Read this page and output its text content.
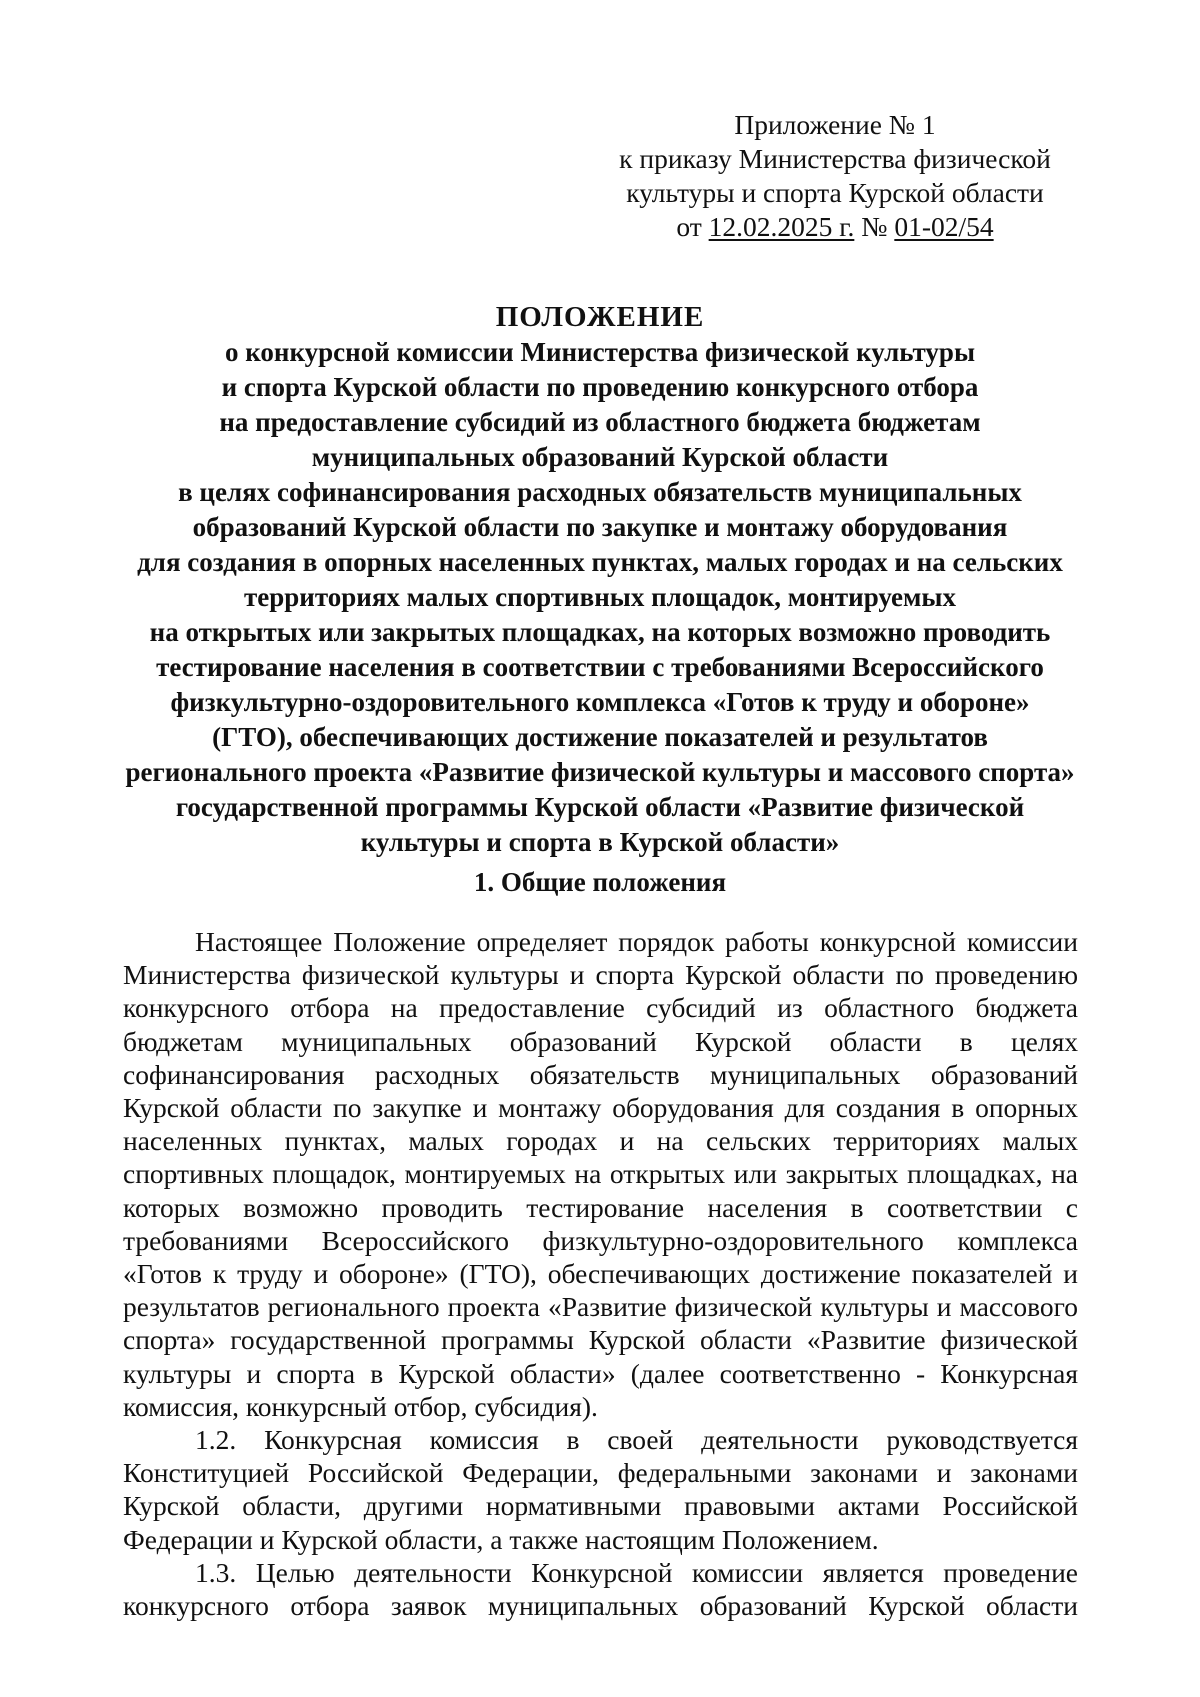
Приложение № 1
к приказу Министерства физической
культуры и спорта Курской области
от 12.02.2025 г. № 01-02/54
ПОЛОЖЕНИЕ
о конкурсной комиссии Министерства физической культуры
и спорта Курской области по проведению конкурсного отбора
на предоставление субсидий из областного бюджета бюджетам
муниципальных образований Курской области
в целях софинансирования расходных обязательств муниципальных
образований Курской области по закупке и монтажу оборудования
для создания в опорных населенных пунктах, малых городах и на сельских
территориях малых спортивных площадок, монтируемых
на открытых или закрытых площадках, на которых возможно проводить
тестирование населения в соответствии с требованиями Всероссийского
физкультурно-оздоровительного комплекса «Готов к труду и обороне»
(ГТО), обеспечивающих достижение показателей и результатов
регионального проекта «Развитие физической культуры и массового спорта»
государственной программы Курской области «Развитие физической
культуры и спорта в Курской области»
1. Общие положения

Настоящее Положение определяет порядок работы конкурсной комиссии Министерства физической культуры и спорта Курской области по проведению конкурсного отбора на предоставление субсидий из областного бюджета бюджетам муниципальных образований Курской области в целях софинансирования расходных обязательств муниципальных образований Курской области по закупке и монтажу оборудования для создания в опорных населенных пунктах, малых городах и на сельских территориях малых спортивных площадок, монтируемых на открытых или закрытых площадках, на которых возможно проводить тестирование населения в соответствии с требованиями Всероссийского физкультурно-оздоровительного комплекса «Готов к труду и обороне» (ГТО), обеспечивающих достижение показателей и результатов регионального проекта «Развитие физической культуры и массового спорта» государственной программы Курской области «Развитие физической культуры и спорта в Курской области» (далее соответственно - Конкурсная комиссия, конкурсный отбор, субсидия).

1.2. Конкурсная комиссия в своей деятельности руководствуется Конституцией Российской Федерации, федеральными законами и законами Курской области, другими нормативными правовыми актами Российской Федерации и Курской области, а также настоящим Положением.

1.3. Целью деятельности Конкурсной комиссии является проведение конкурсного отбора заявок муниципальных образований Курской области
